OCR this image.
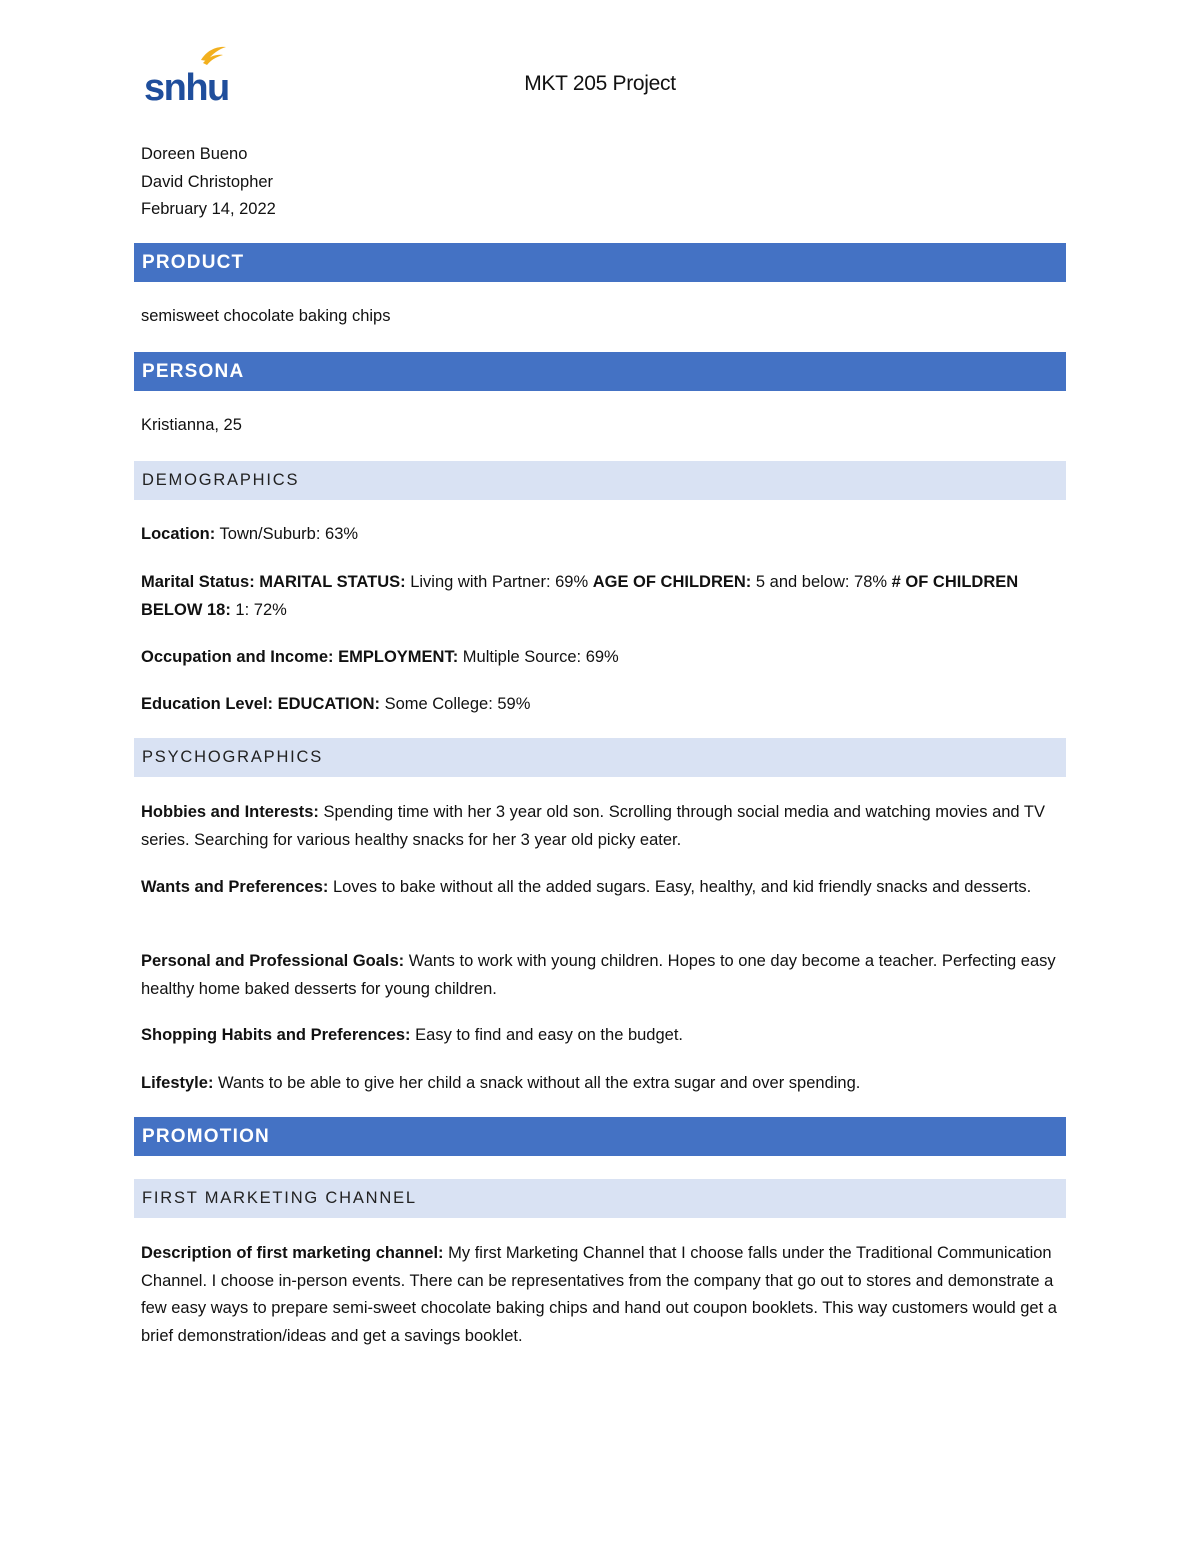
snhu	MKT 205 Project
Doreen Bueno
David Christopher
February 14, 2022
PRODUCT
semisweet chocolate baking chips
PERSONA
Kristianna, 25
DEMOGRAPHICS
Location: Town/Suburb: 63%
Marital Status: MARITAL STATUS: Living with Partner: 69% AGE OF CHILDREN: 5 and below: 78% # OF CHILDREN BELOW 18: 1: 72%
Occupation and Income: EMPLOYMENT: Multiple Source: 69%
Education Level: EDUCATION: Some College: 59%
PSYCHOGRAPHICS
Hobbies and Interests: Spending time with her 3 year old son. Scrolling through social media and watching movies and TV series. Searching for various healthy snacks for her 3 year old picky eater.
Wants and Preferences: Loves to bake without all the added sugars. Easy, healthy, and kid friendly snacks and desserts.
Personal and Professional Goals: Wants to work with young children. Hopes to one day become a teacher. Perfecting easy healthy home baked desserts for young children.
Shopping Habits and Preferences: Easy to find and easy on the budget.
Lifestyle: Wants to be able to give her child a snack without all the extra sugar and over spending.
PROMOTION
FIRST MARKETING CHANNEL
Description of first marketing channel: My first Marketing Channel that I choose falls under the Traditional Communication Channel. I choose in-person events. There can be representatives from the company that go out to stores and demonstrate a few easy ways to prepare semi-sweet chocolate baking chips and hand out coupon booklets. This way customers would get a brief demonstration/ideas and get a savings booklet.
